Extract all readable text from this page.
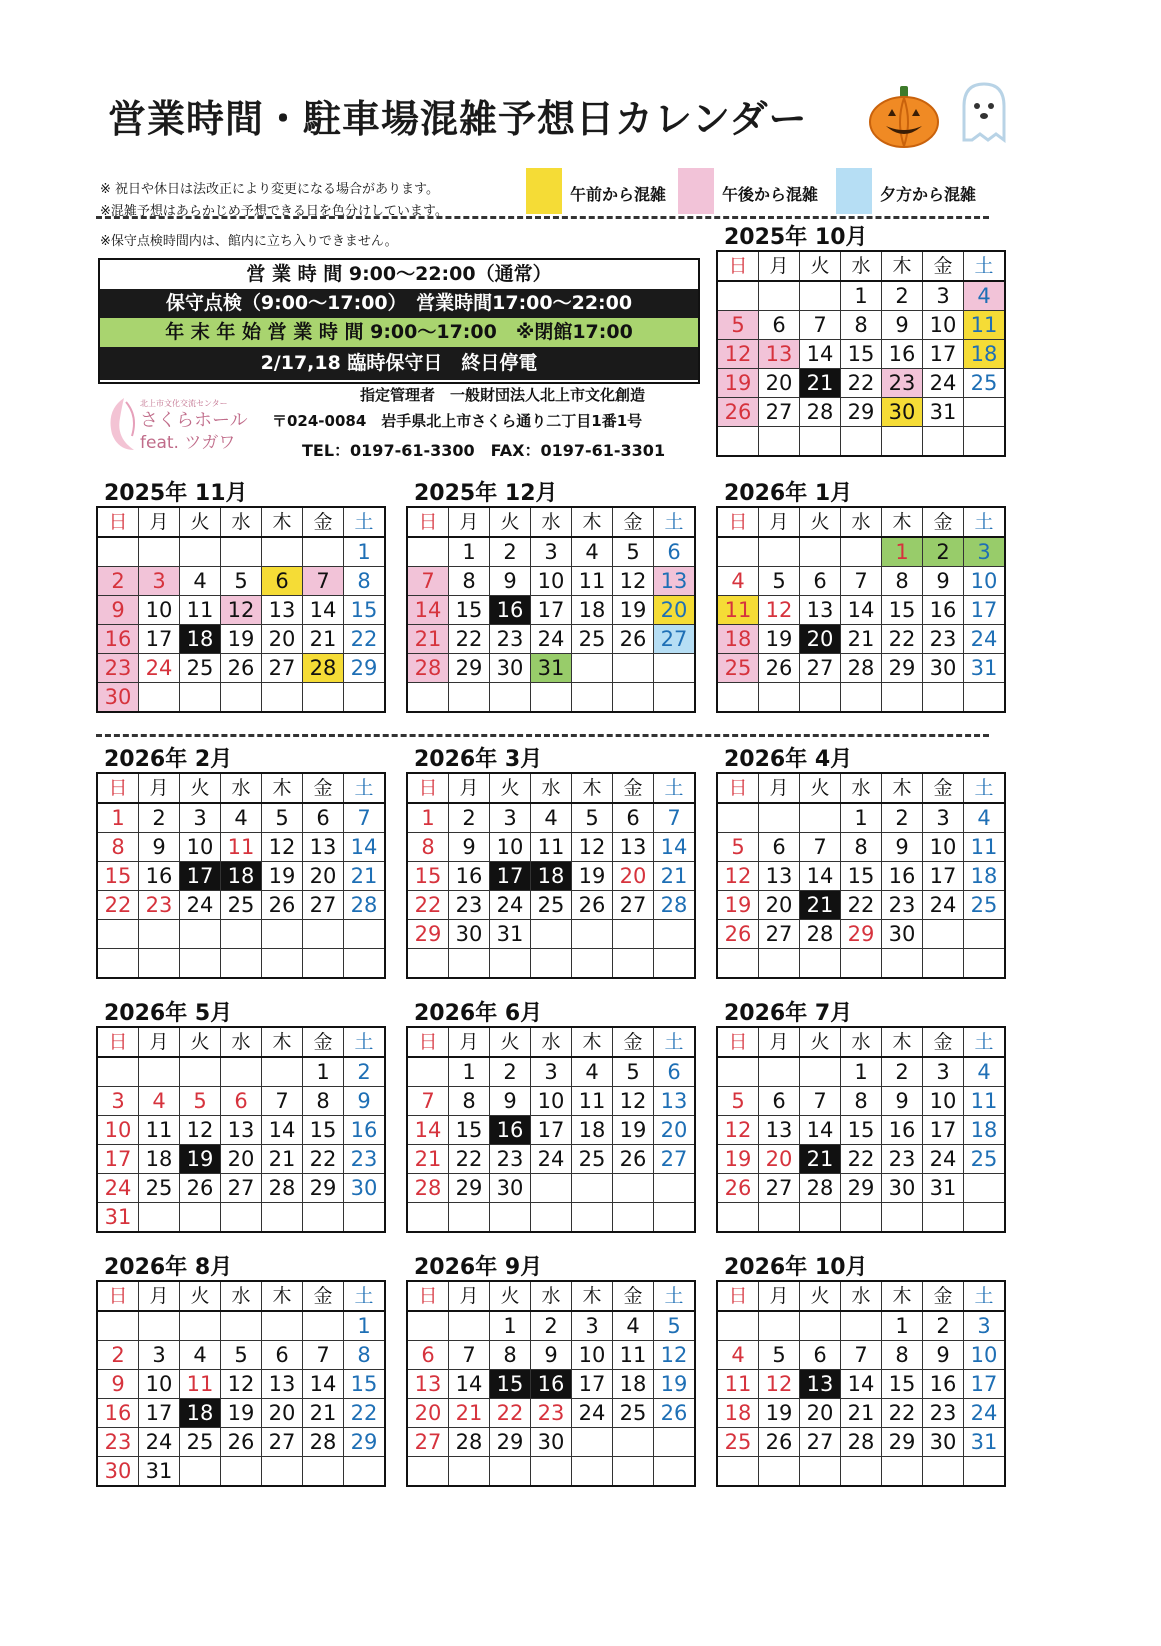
営業時間・駐車場混雑予想日カレンダー
※ 祝日や休日は法改正により変更になる場合があります。
※混雑予想はあらかじめ予想できる日を色分けしています。
※保守点検時間内は、館内に立ち入りできません。
午前から混雑	午後から混雑	夕方から混雑
営 業 時 間 9:00〜22:00（通常）
保守点検（9:00〜17:00）　営業時間17:00〜22:00
年 末 年 始 営 業 時 間 9:00〜17:00　※閉館17:00
2/17,18 臨時保守日　終日停電
指定管理者　一般財団法人北上市文化創造
北上市文化交流センター
さくらホール
feat. ツガワ
〒024-0084　岩手県北上市さくら通り二丁目1番1号
TEL：0197-61-3300　FAX：0197-61-3301
2025年 10月
日	月	火	水	木	金	土
			1	2	3	4
5	6	7	8	9	10	11
12	13	14	15	16	17	18
19	20	21	22	23	24	25
26	27	28	29	30	31	

2025年 11月
日	月	火	水	木	金	土
						1
2	3	4	5	6	7	8
9	10	11	12	13	14	15
16	17	18	19	20	21	22
23	24	25	26	27	28	29
30						
2025年 12月
日	月	火	水	木	金	土
	1	2	3	4	5	6
7	8	9	10	11	12	13
14	15	16	17	18	19	20
21	22	23	24	25	26	27
28	29	30	31			

2026年 1月
日	月	火	水	木	金	土
				1	2	3
4	5	6	7	8	9	10
11	12	13	14	15	16	17
18	19	20	21	22	23	24
25	26	27	28	29	30	31

2026年 2月
日	月	火	水	木	金	土
1	2	3	4	5	6	7
8	9	10	11	12	13	14
15	16	17	18	19	20	21
22	23	24	25	26	27	28

2026年 3月
日	月	火	水	木	金	土
1	2	3	4	5	6	7
8	9	10	11	12	13	14
15	16	17	18	19	20	21
22	23	24	25	26	27	28
29	30	31				

2026年 4月
日	月	火	水	木	金	土
			1	2	3	4
5	6	7	8	9	10	11
12	13	14	15	16	17	18
19	20	21	22	23	24	25
26	27	28	29	30		

2026年 5月
日	月	火	水	木	金	土
					1	2
3	4	5	6	7	8	9
10	11	12	13	14	15	16
17	18	19	20	21	22	23
24	25	26	27	28	29	30
31						
2026年 6月
日	月	火	水	木	金	土
	1	2	3	4	5	6
7	8	9	10	11	12	13
14	15	16	17	18	19	20
21	22	23	24	25	26	27
28	29	30				

2026年 7月
日	月	火	水	木	金	土
			1	2	3	4
5	6	7	8	9	10	11
12	13	14	15	16	17	18
19	20	21	22	23	24	25
26	27	28	29	30	31	

2026年 8月
日	月	火	水	木	金	土
						1
2	3	4	5	6	7	8
9	10	11	12	13	14	15
16	17	18	19	20	21	22
23	24	25	26	27	28	29
30	31					
2026年 9月
日	月	火	水	木	金	土
		1	2	3	4	5
6	7	8	9	10	11	12
13	14	15	16	17	18	19
20	21	22	23	24	25	26
27	28	29	30			

2026年 10月
日	月	火	水	木	金	土
				1	2	3
4	5	6	7	8	9	10
11	12	13	14	15	16	17
18	19	20	21	22	23	24
25	26	27	28	29	30	31
